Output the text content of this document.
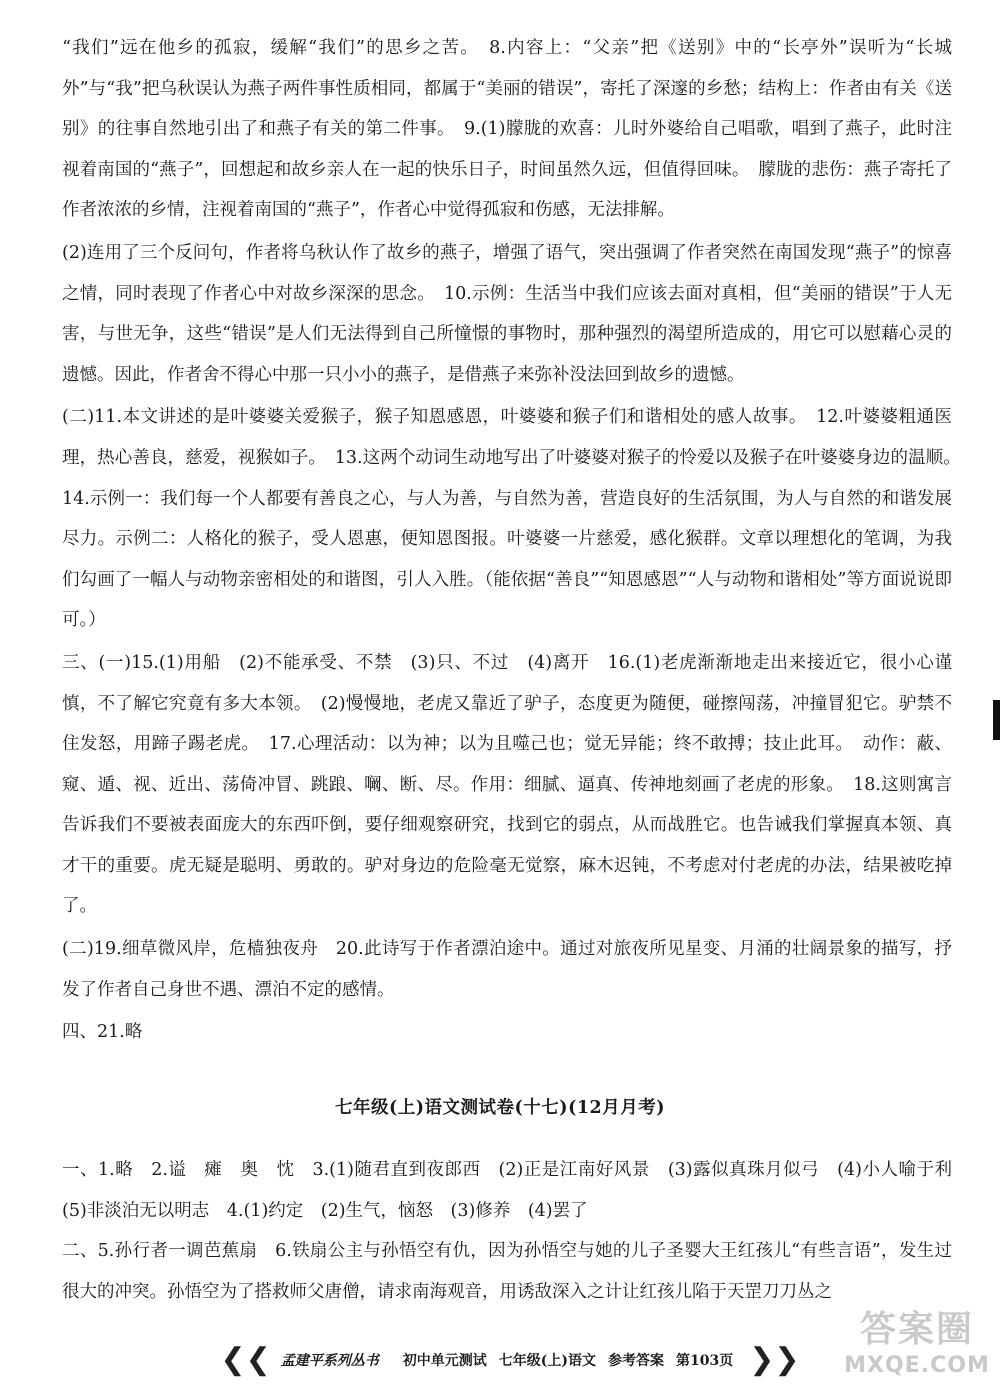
“我们”远在他乡的孤寂，缓解“我们”的思乡之苦。　8.内容上：“父亲”把《送别》中的“长亭外”误听为“长城外”与“我”把乌秋误认为燕子两件事性质相同，都属于“美丽的错误”，寄托了深邃的乡愁；结构上：作者由有关《送别》的往事自然地引出了和燕子有关的第二件事。　9.(1)朦胧的欢喜：儿时外婆给自己唱歌，唱到了燕子，此时注视着南国的“燕子”，回想起和故乡亲人在一起的快乐日子，时间虽然久远，但值得回味。　朦胧的悲伤：燕子寄托了作者浓浓的乡情，注视着南国的“燕子”，作者心中觉得孤寂和伤感，无法排解。

(2)连用了三个反问句，作者将乌秋认作了故乡的燕子，增强了语气，突出强调了作者突然在南国发现“燕子”的惊喜之情，同时表现了作者心中对故乡深深的思念。　10.示例：生活当中我们应该去面对真相，但“美丽的错误”于人无害，与世无争，这些“错误”是人们无法得到自己所憧憬的事物时，那种强烈的渴望所造成的，用它可以慰藉心灵的遗憾。因此，作者舍不得心中那一只小小的燕子，是借燕子来弥补没法回到故乡的遗憾。

(二)11.本文讲述的是叶婆婆关爱猴子，猴子知恩感恩，叶婆婆和猴子们和谐相处的感人故事。　12.叶婆婆粗通医理，热心善良，慈爱，视猴如子。　13.这两个动词生动地写出了叶婆婆对猴子的怜爱以及猴子在叶婆婆身边的温顺。　14.示例一：我们每一个人都要有善良之心，与人为善，与自然为善，营造良好的生活氛围，为人与自然的和谐发展尽力。示例二：人格化的猴子，受人恩惠，便知恩图报。叶婆婆一片慈爱，感化猴群。文章以理想化的笔调，为我们勾画了一幅人与动物亲密相处的和谐图，引人入胜。（能依据“善良”“知恩感恩”“人与动物和谐相处”等方面说说即可。）

三、(一)15.(1)用船　(2)不能承受、不禁　(3)只、不过　(4)离开　16.(1)老虎渐渐地走出来接近它，很小心谨慎，不了解它究竟有多大本领。　(2)慢慢地，老虎又靠近了驴子，态度更为随便，碰擦闯荡，冲撞冒犯它。驴禁不住发怒，用蹄子踢老虎。　17.心理活动：以为神；以为且噬己也；觉无异能；终不敢搏；技止此耳。　动作：蔽、窥、遁、视、近出、荡倚冲冒、跳踉、㘎、断、尽。作用：细腻、逼真、传神地刻画了老虎的形象。　18.这则寓言告诉我们不要被表面庞大的东西吓倒，要仔细观察研究，找到它的弱点，从而战胜它。也告诫我们掌握真本领、真才干的重要。虎无疑是聪明、勇敢的。驴对身边的危险毫无觉察，麻木迟钝，不考虑对付老虎的办法，结果被吃掉了。

(二)19.细草微风岸，危樯独夜舟　20.此诗写于作者漂泊途中。通过对旅夜所见星变、月涌的壮阔景象的描写，抒发了作者自己身世不遇、漂泊不定的感情。

四、21.略

七年级(上)语文测试卷(十七)(12月月考)

一、1.略　2.谥　瘫　奥　忱　3.(1)随君直到夜郎西　(2)正是江南好风景　(3)露似真珠月似弓　(4)小人喻于利　(5)非淡泊无以明志　4.(1)约定　(2)生气，恼怒　(3)修养　(4)罢了

二、5.孙行者一调芭蕉扇　6.铁扇公主与孙悟空有仇，因为孙悟空与她的儿子圣婴大王红孩儿“有些言语”，发生过很大的冲突。孙悟空为了搭救师父唐僧，请求南海观音，用诱敌深入之计让红孩儿陷于天罡刀刀丛之

❮❮ 孟建平系列丛书 初中单元测试 七年级(上)语文 参考答案 第103页 ❯❯
答案圈
MXQE.COM
